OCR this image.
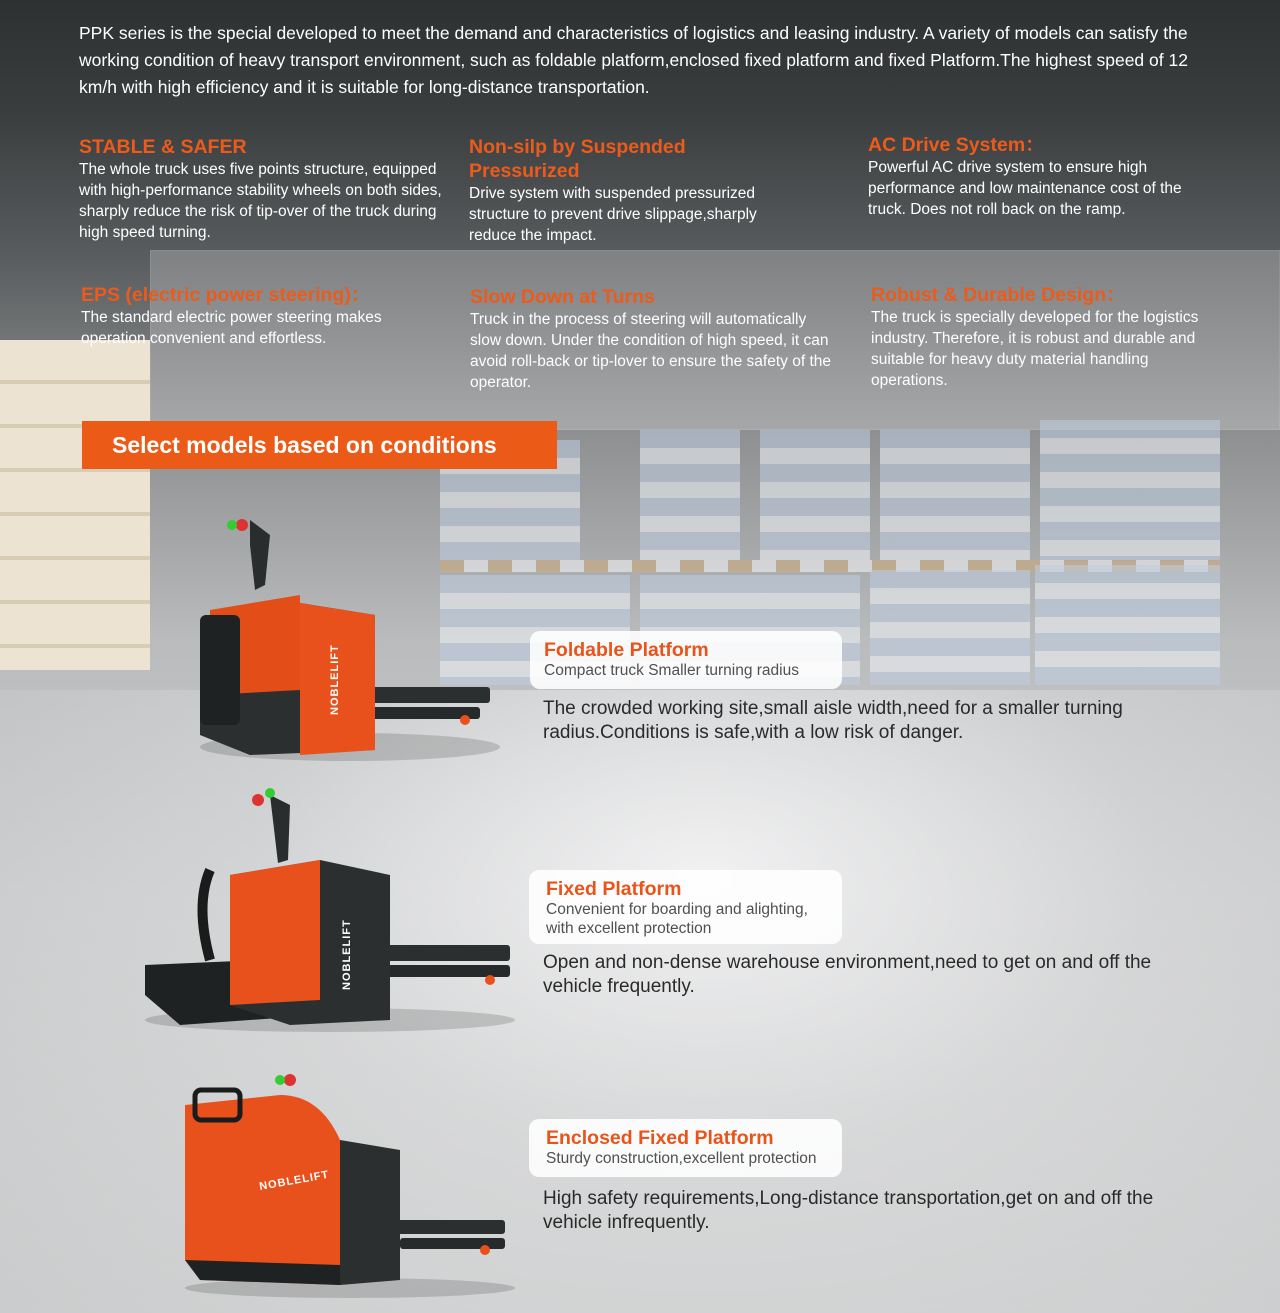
PPK series is the special developed to meet the demand and characteristics of logistics and leasing industry. A variety of models can satisfy the working condition of heavy transport environment, such as foldable platform,enclosed fixed platform and fixed Platform.The highest speed of 12 km/h with high efficiency and it is suitable for long-distance transportation.
STABLE & SAFER

The whole truck uses five points structure, equipped with high-performance stability wheels on both sides, sharply reduce the risk of tip-over of the truck during high speed turning.

Non-silp by Suspended Pressurized

Drive system with suspended pressurized structure to prevent drive slippage,sharply reduce the impact.

AC Drive System：

Powerful AC drive system to ensure high performance and low maintenance cost of the truck. Does not roll back on the ramp.

EPS (electric power steering)：

The standard electric power steering makes operation convenient and effortless.

Slow Down at Turns

Truck in the process of steering will automatically slow down. Under the condition of high speed, it can avoid roll-back or tip-lover to ensure the safety of the operator.

Robust & Durable Design：

The truck is specially developed for the logistics industry. Therefore, it is robust and durable and suitable for heavy duty material handling operations.

Select models based on conditions
NOBLELIFT
NOBLELIFT
NOBLELIFT
Foldable Platform

Compact truck Smaller turning radius

The crowded working site,small aisle width,need for a smaller turning radius.Conditions is safe,with a low risk of danger.
Fixed Platform

Convenient for boarding and alighting, with excellent protection

Open and non-dense warehouse environment,need to get on and off the vehicle frequently.
Enclosed Fixed Platform

Sturdy construction,excellent protection

High safety requirements,Long-distance transportation,get on and off the vehicle infrequently.
